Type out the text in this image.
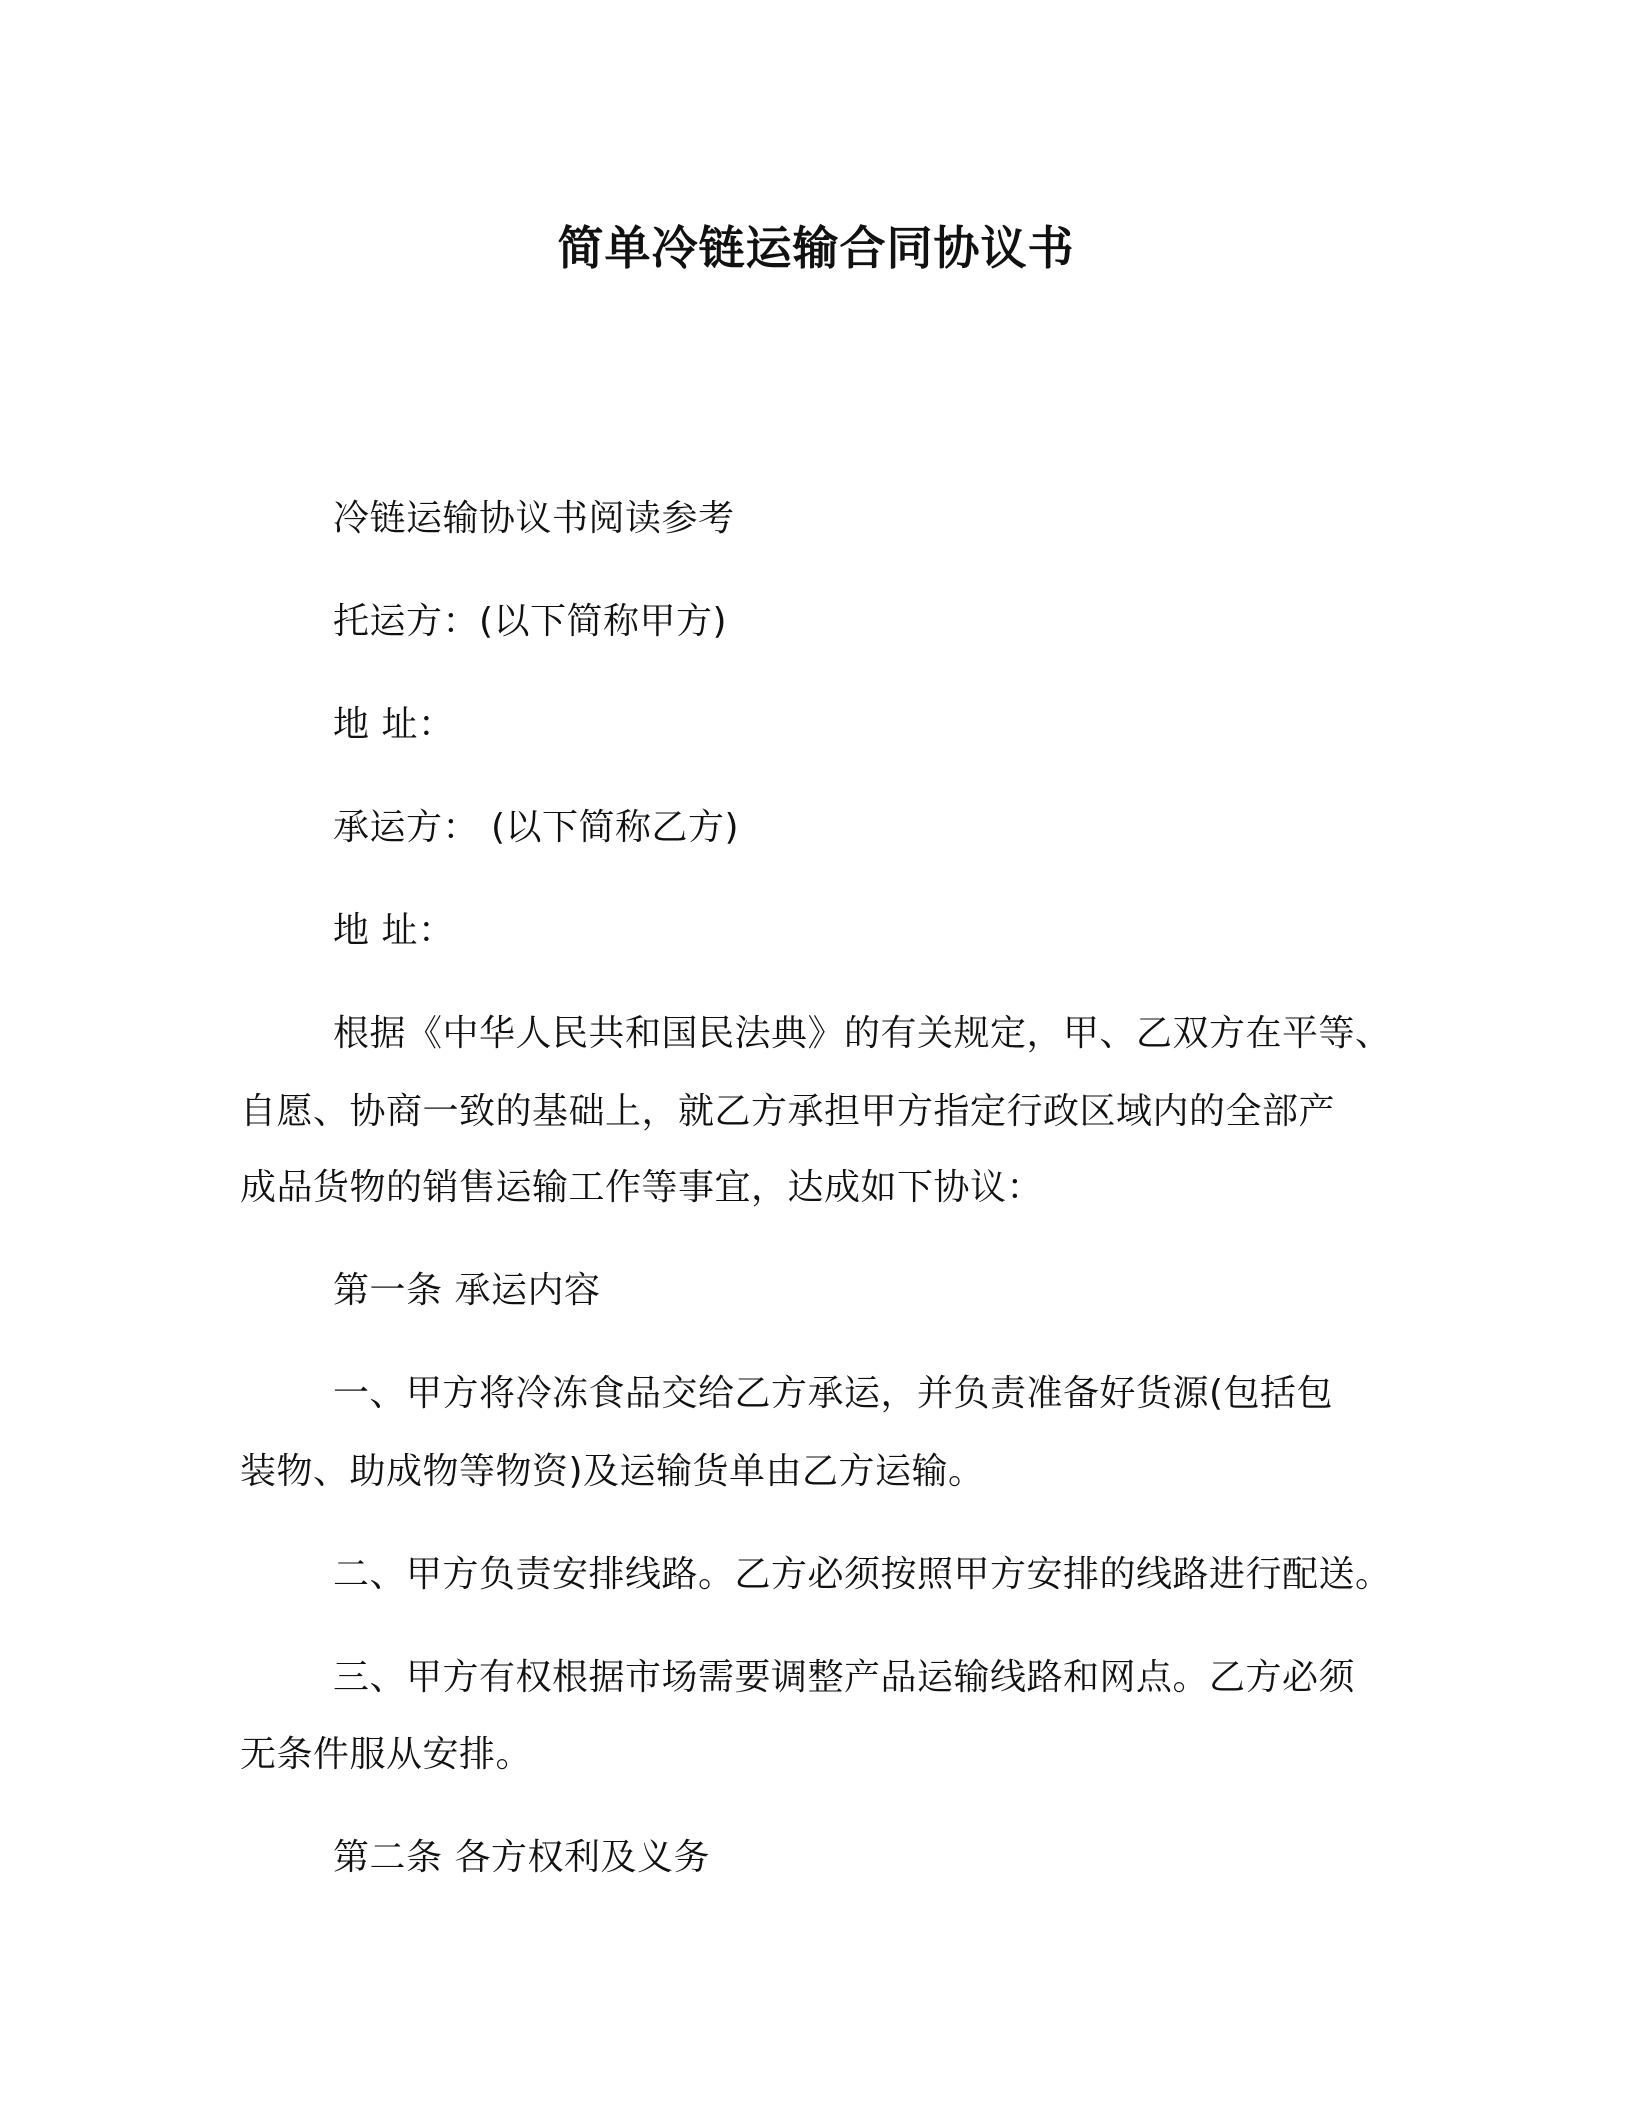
简单冷链运输合同协议书
冷链运输协议书阅读参考
托运方：(以下简称甲方)
地 址：
承运方： (以下简称乙方)
地 址：
根据《中华人民共和国民法典》的有关规定，甲、乙双方在平等、
自愿、协商一致的基础上，就乙方承担甲方指定行政区域内的全部产
成品货物的销售运输工作等事宜，达成如下协议：
第一条 承运内容
一、甲方将冷冻食品交给乙方承运，并负责准备好货源(包括包
装物、助成物等物资)及运输货单由乙方运输。
二、甲方负责安排线路。乙方必须按照甲方安排的线路进行配送。
三、甲方有权根据市场需要调整产品运输线路和网点。乙方必须
无条件服从安排。
第二条 各方权利及义务
